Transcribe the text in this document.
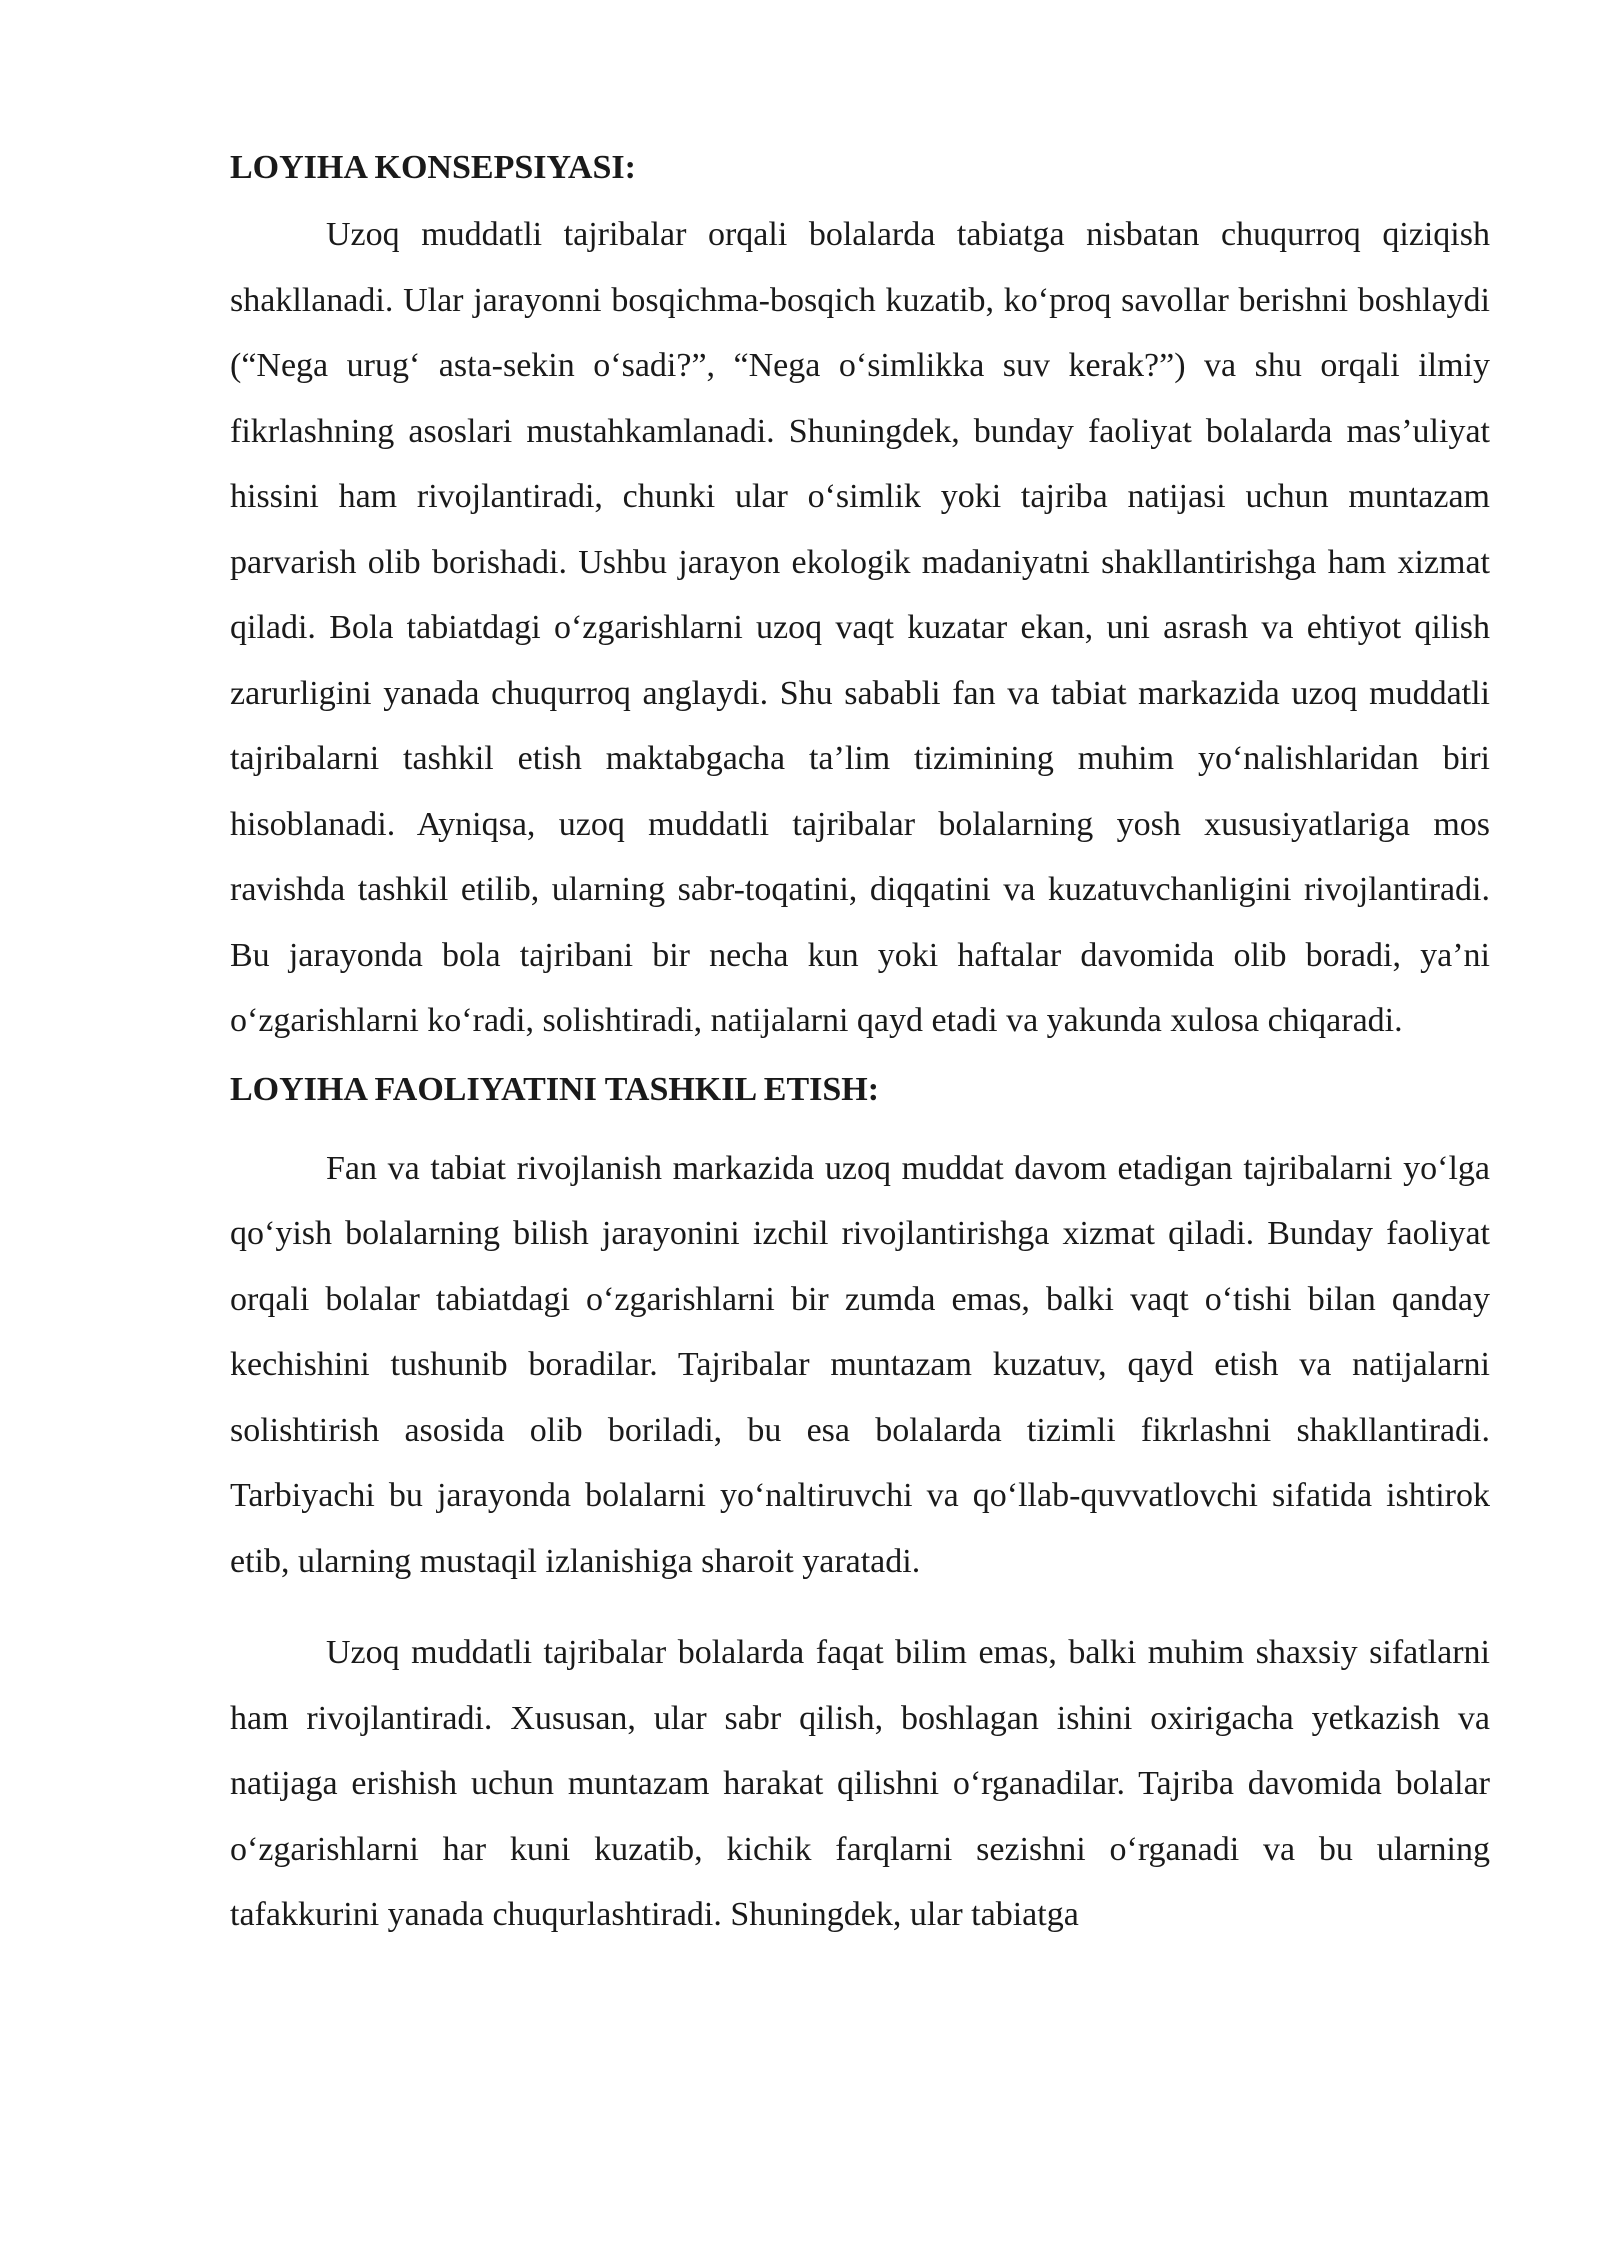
LOYIHA KONSEPSIYASI:

Uzoq muddatli tajribalar orqali bolalarda tabiatga nisbatan chuqurroq qiziqish shakllanadi. Ular jarayonni bosqichma-bosqich kuzatib, ko‘proq savollar berishni boshlaydi (“Nega urug‘ asta-sekin o‘sadi?”, “Nega o‘simlikka suv kerak?”) va shu orqali ilmiy fikrlashning asoslari mustahkamlanadi. Shuningdek, bunday faoliyat bolalarda mas’uliyat hissini ham rivojlantiradi, chunki ular o‘simlik yoki tajriba natijasi uchun muntazam parvarish olib borishadi. Ushbu jarayon ekologik madaniyatni shakllantirishga ham xizmat qiladi. Bola tabiatdagi o‘zgarishlarni uzoq vaqt kuzatar ekan, uni asrash va ehtiyot qilish zarurligini yanada chuqurroq anglaydi. Shu sababli fan va tabiat markazida uzoq muddatli tajribalarni tashkil etish maktabgacha ta’lim tizimining muhim yo‘nalishlaridan biri hisoblanadi. Ayniqsa, uzoq muddatli tajribalar bolalarning yosh xususiyatlariga mos ravishda tashkil etilib, ularning sabr-toqatini, diqqatini va kuzatuvchanligini rivojlantiradi. Bu jarayonda bola tajribani bir necha kun yoki haftalar davomida olib boradi, ya’ni o‘zgarishlarni ko‘radi, solishtiradi, natijalarni qayd etadi va yakunda xulosa chiqaradi.

LOYIHA FAOLIYATINI TASHKIL ETISH:

Fan va tabiat rivojlanish markazida uzoq muddat davom etadigan tajribalarni yo‘lga qo‘yish bolalarning bilish jarayonini izchil rivojlantirishga xizmat qiladi. Bunday faoliyat orqali bolalar tabiatdagi o‘zgarishlarni bir zumda emas, balki vaqt o‘tishi bilan qanday kechishini tushunib boradilar. Tajribalar muntazam kuzatuv, qayd etish va natijalarni solishtirish asosida olib boriladi, bu esa bolalarda tizimli fikrlashni shakllantiradi. Tarbiyachi bu jarayonda bolalarni yo‘naltiruvchi va qo‘llab-quvvatlovchi sifatida ishtirok etib, ularning mustaqil izlanishiga sharoit yaratadi.

Uzoq muddatli tajribalar bolalarda faqat bilim emas, balki muhim shaxsiy sifatlarni ham rivojlantiradi. Xususan, ular sabr qilish, boshlagan ishini oxirigacha yetkazish va natijaga erishish uchun muntazam harakat qilishni o‘rganadilar. Tajriba davomida bolalar o‘zgarishlarni har kuni kuzatib, kichik farqlarni sezishni o‘rganadi va bu ularning tafakkurini yanada chuqurlashtiradi. Shuningdek, ular tabiatga
